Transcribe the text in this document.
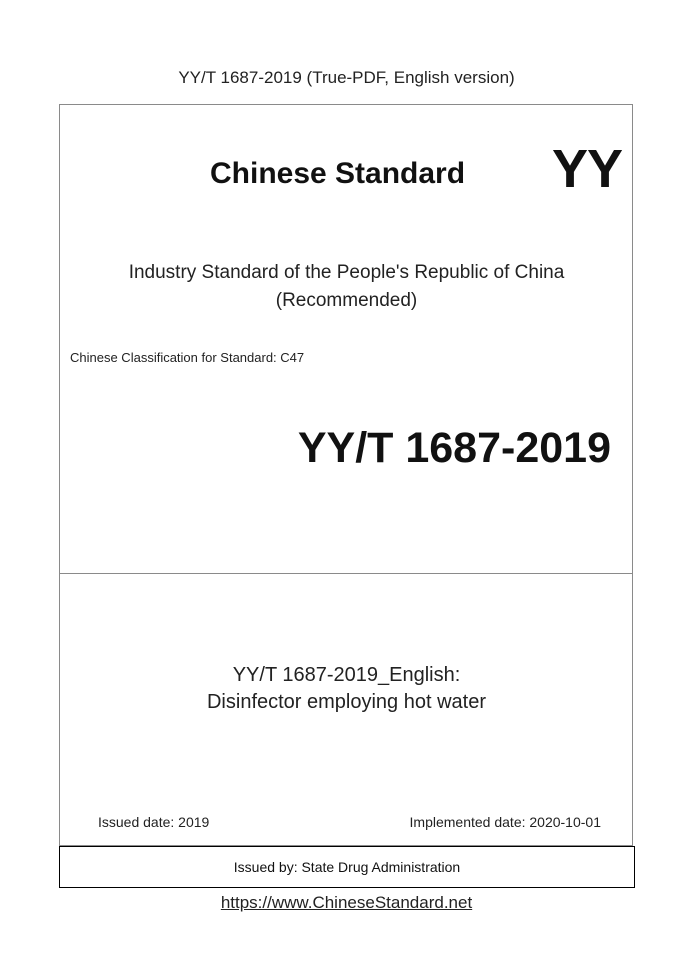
YY/T 1687-2019 (True-PDF, English version)
Chinese Standard YY
Industry Standard of the People's Republic of China
(Recommended)
Chinese Classification for Standard: C47
YY/T 1687-2019
YY/T 1687-2019_English:
Disinfector employing hot water
Issued date: 2019	Implemented date: 2020-10-01
Issued by: State Drug Administration
https://www.ChineseStandard.net
